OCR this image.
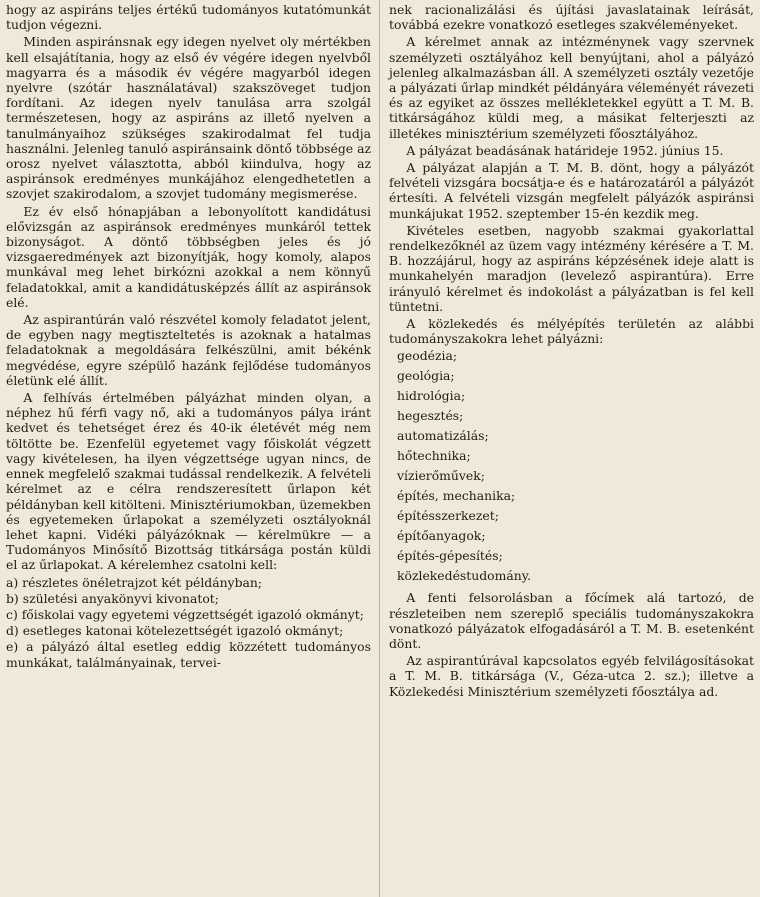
hogy az aspiráns teljes értékű tudományos kutatómunkát tudjon végezni.

Minden aspiránsnak egy idegen nyelvet oly mértékben kell elsajátítania, hogy az első év végére idegen nyelvből magyarra és a második év végére magyarból idegen nyelvre (szótár használatával) szakszöveget tudjon fordítani. Az idegen nyelv tanulása arra szolgál természetesen, hogy az aspiráns az illető nyelven a tanulmányaihoz szükséges szakirodalmat fel tudja használni. Jelenleg tanuló aspiránsaink döntő többsége az orosz nyelvet választotta, abból kiindulva, hogy az aspiránsok eredményes munkájához elengedhetetlen a szovjet szakirodalom, a szovjet tudomány megismerése.

Ez év első hónapjában a lebonyolított kandidátusi elővizsgán az aspiránsok eredményes munkáról tettek bizonyságot. A döntő többségben jeles és jó vizsgaeredmények azt bizonyítják, hogy komoly, alapos munkával meg lehet birkózni azokkal a nem könnyű feladatokkal, amit a kandidátusképzés állít az aspiránsok elé.

Az aspirantúrán való részvétel komoly feladatot jelent, de egyben nagy megtiszteltetés is azoknak a hatalmas feladatoknak a megoldására felkészülni, amit békénk megvédése, egyre szépülő hazánk fejlődése tudományos életünk elé állít.

A felhívás értelmében pályázhat minden olyan, a néphez hű férfi vagy nő, aki a tudományos pálya iránt kedvet és tehetséget érez és 40-ik életévét még nem töltötte be. Ezenfelül egyetemet vagy főiskolát végzett vagy kivételesen, ha ilyen végzettsége ugyan nincs, de ennek megfelelő szakmai tudással rendelkezik. A felvételi kérelmet az e célra rendszeresített űrlapon két példányban kell kitölteni. Minisztériumokban, üzemekben és egyetemeken űrlapokat a személyzeti osztályoknál lehet kapni. Vidéki pályázóknak — kérelmükre — a Tudományos Minősítő Bizottság titkársága postán küldi el az űrlapokat. A kérelemhez csatolni kell:

a) részletes önéletrajzot két példányban;

b) születési anyakönyvi kivonatot;

c) főiskolai vagy egyetemi végzettségét igazoló okmányt;

d) esetleges katonai kötelezettségét igazoló okmányt;

e) a pályázó által esetleg eddig közzétett tudományos munkákat, találmányainak, tervei-

nek racionalizálási és újítási javaslatainak leírását, továbbá ezekre vonatkozó esetleges szakvéleményeket.

A kérelmet annak az intézménynek vagy szervnek személyzeti osztályához kell benyújtani, ahol a pályázó jelenleg alkalmazásban áll. A személyzeti osztály vezetője a pályázati űrlap mindkét példányára véleményét rávezeti és az egyiket az összes mellékletekkel együtt a T. M. B. titkárságához küldi meg, a másikat felterjeszti az illetékes minisztérium személyzeti főosztályához.

A pályázat beadásának határideje 1952. június 15.

A pályázat alapján a T. M. B. dönt, hogy a pályázót felvételi vizsgára bocsátja-e és e határozatáról a pályázót értesíti. A felvételi vizsgán megfelelt pályázók aspiránsi munkájukat 1952. szeptember 15-én kezdik meg.

Kivételes esetben, nagyobb szakmai gyakorlattal rendelkezőknél az üzem vagy intézmény kérésére a T. M. B. hozzájárul, hogy az aspiráns képzésének ideje alatt is munkahelyén maradjon (levelező aspirantúra). Erre irányuló kérelmet és indokolást a pályázatban is fel kell tüntetni.

A közlekedés és mélyépítés területén az alábbi tudományszakokra lehet pályázni:

geodézia;
geológia;
hidrológia;
hegesztés;
automatizálás;
hőtechnika;
vízierőművek;
építés, mechanika;
építésszerkezet;
építőanyagok;
építés-gépesítés;
közlekedéstudomány.

A fenti felsorolásban a főcímek alá tartozó, de részleteiben nem szereplő speciális tudományszakokra vonatkozó pályázatok elfogadásáról a T. M. B. esetenként dönt.

Az aspirantúrával kapcsolatos egyéb felvilágosításokat a T. M. B. titkársága (V., Géza-utca 2. sz.); illetve a Közlekedési Minisztérium személyzeti főosztálya ad.
